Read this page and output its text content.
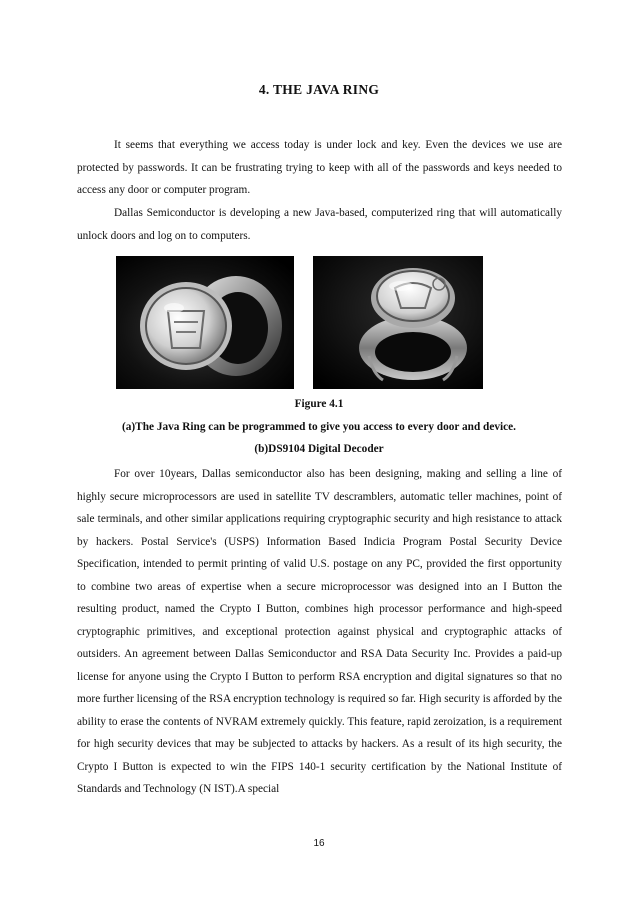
4. THE JAVA RING
It seems that everything we access today is under lock and key. Even the devices we use are protected by passwords. It can be frustrating trying to keep with all of the passwords and keys needed to access any door or computer program.
Dallas Semiconductor is developing a new Java-based, computerized ring that will automatically unlock doors and log on to computers.
Figure 4.1
(a)The Java Ring can be programmed to give you access to every door and device.
(b)DS9104 Digital Decoder
For over 10years, Dallas semiconductor also has been designing, making and selling a line of highly secure microprocessors are used in satellite TV descramblers, automatic teller machines, point of sale terminals, and other similar applications requiring cryptographic security and high resistance to attack by hackers. Postal Service's (USPS) Information Based Indicia Program Postal Security Device Specification, intended to permit printing of valid U.S. postage on any PC, provided the first opportunity to combine two areas of expertise when a secure microprocessor was designed into an I Button the resulting product, named the Crypto I Button, combines high processor performance and high-speed cryptographic primitives, and exceptional protection against physical and cryptographic attacks of outsiders. An agreement between Dallas Semiconductor and RSA Data Security Inc. Provides a paid-up license for anyone using the Crypto I Button to perform RSA encryption and digital signatures so that no more further licensing of the RSA encryption technology is required so far. High security is afforded by the ability to erase the contents of NVRAM extremely quickly. This feature, rapid zeroization, is a requirement for high security devices that may be subjected to attacks by hackers. As a result of its high security, the Crypto I Button is expected to win the FIPS 140-1 security certification by the National Institute of Standards and Technology (N IST).A special
16
